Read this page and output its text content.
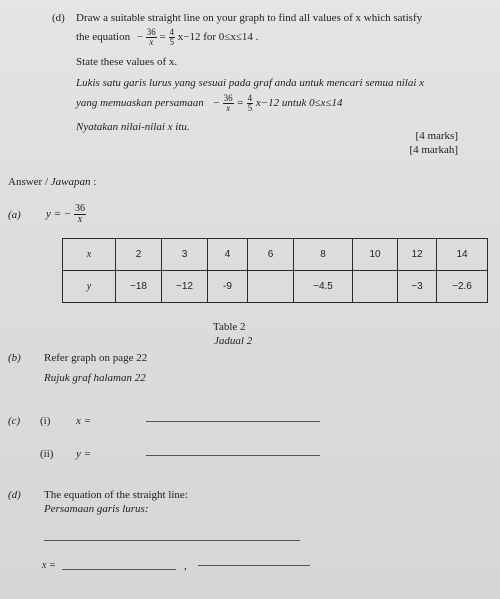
(d) Draw a suitable straight line on your graph to find all values of x which satisfy
the equation − $\frac{36}{x} = \frac{4}{5} x-12$ for 0≤x≤14 .
State these values of x.
Lukis satu garis lurus yang sesuai pada graf anda untuk mencari semua nilai x
yang memuaskan persamaan − $\frac{36}{x} = \frac{4}{5} x-12$ untuk 0≤x≤14
Nyatakan nilai-nilai x itu.
[4 marks]
[4 markah]
Answer / Jawapan :
(a) y = − $\frac{36}{x}$
x	2	3	4	6	8	10	12	14
y	−18	−12	-9		−4.5		−3	−2.6
Table 2
Jadual 2
(b) Refer graph on page 22
Rujuk graf halaman 22
(c) (i) x =
(ii) y =
(d) The equation of the straight line:
Persamaan garis lurus:
x =	,
